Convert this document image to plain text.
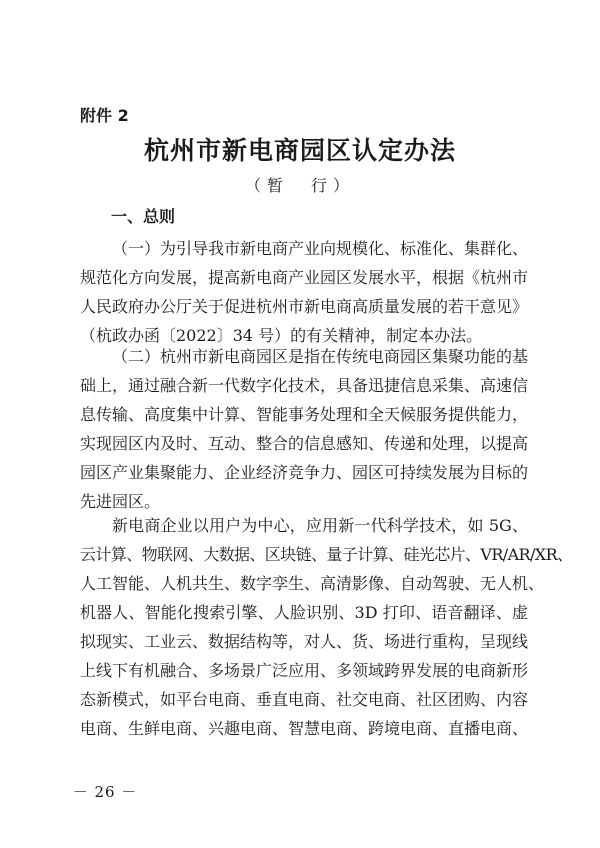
附件 2
杭州市新电商园区认定办法
（暂　行）
一、总则
（一）为引导我市新电商产业向规模化、标准化、集群化、
规范化方向发展，提高新电商产业园区发展水平，根据《杭州市
人民政府办公厅关于促进杭州市新电商高质量发展的若干意见》
（杭政办函〔2022〕34 号）的有关精神，制定本办法。
（二）杭州市新电商园区是指在传统电商园区集聚功能的基
础上，通过融合新一代数字化技术，具备迅捷信息采集、高速信
息传输、高度集中计算、智能事务处理和全天候服务提供能力，
实现园区内及时、互动、整合的信息感知、传递和处理，以提高
园区产业集聚能力、企业经济竞争力、园区可持续发展为目标的
先进园区。
新电商企业以用户为中心，应用新一代科学技术，如 5G、
云计算、物联网、大数据、区块链、量子计算、硅光芯片、VR/AR/XR、
人工智能、人机共生、数字孪生、高清影像、自动驾驶、无人机、
机器人、智能化搜索引擎、人脸识别、3D 打印、语音翻译、虚
拟现实、工业云、数据结构等，对人、货、场进行重构，呈现线
上线下有机融合、多场景广泛应用、多领域跨界发展的电商新形
态新模式，如平台电商、垂直电商、社交电商、社区团购、内容
电商、生鲜电商、兴趣电商、智慧电商、跨境电商、直播电商、
－ 26 －
